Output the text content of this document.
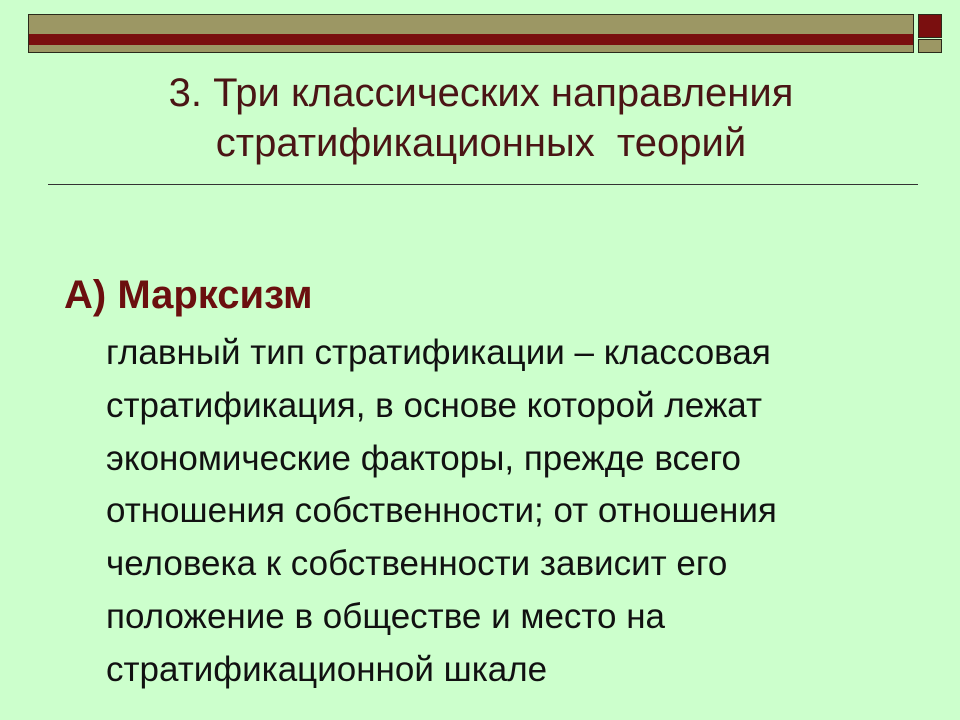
3. Три классических направления
стратификационных  теорий
А) Марксизм
главный тип стратификации – классовая
стратификация, в основе которой лежат
экономические факторы, прежде всего
отношения собственности; от отношения
человека к собственности зависит его
положение в обществе и место на
стратификационной шкале
